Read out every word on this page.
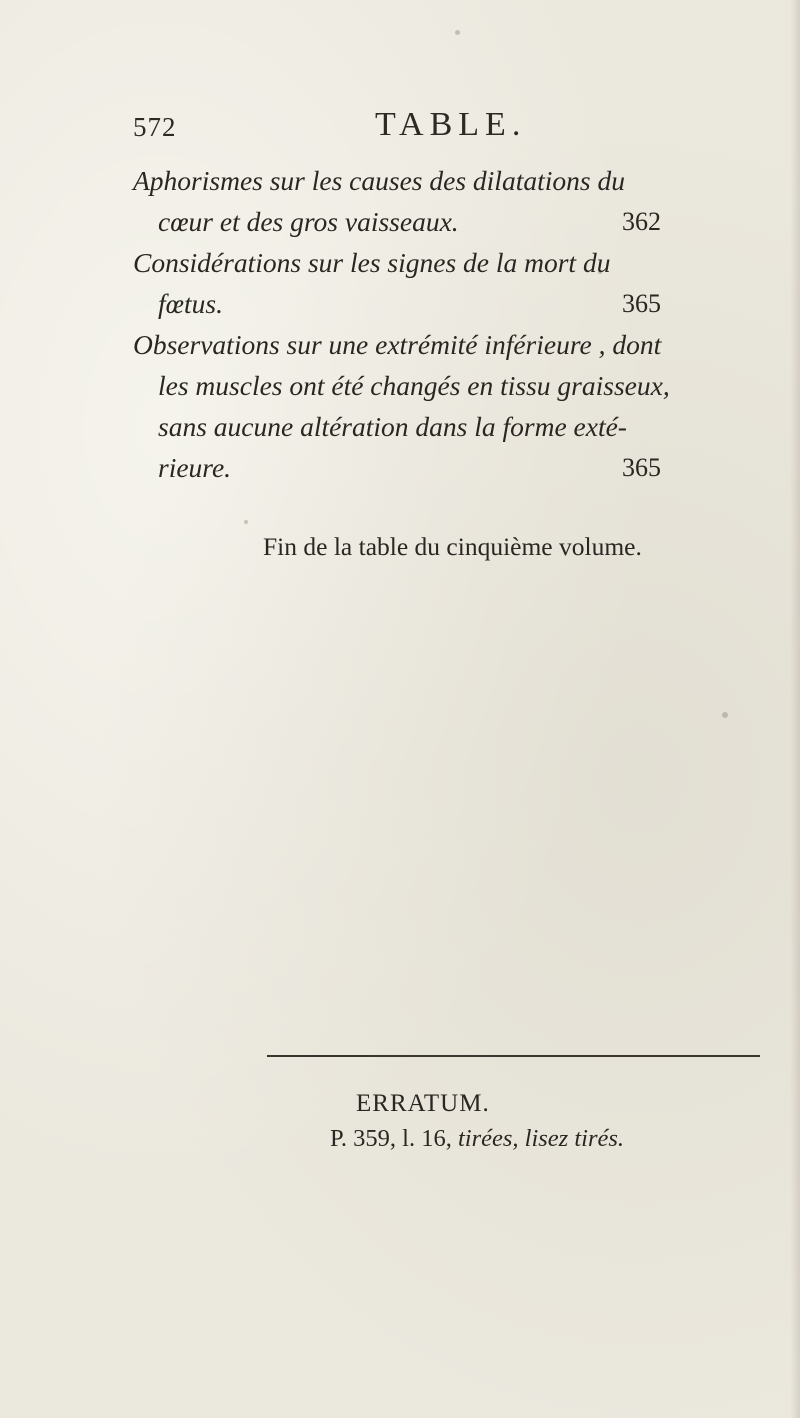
572	TABLE.
Aphorismes sur les causes des dilatations du
cœur et des gros vaisseaux.	362
Considérations sur les signes de la mort du
fœtus.	365
Observations sur une extrémité inférieure , dont
les muscles ont été changés en tissu graisseux,
sans aucune altération dans la forme exté-
rieure.	365
Fin de la table du cinquième volume.
ERRATUM.
P. 359, l. 16, tirées, lisez tirés.
